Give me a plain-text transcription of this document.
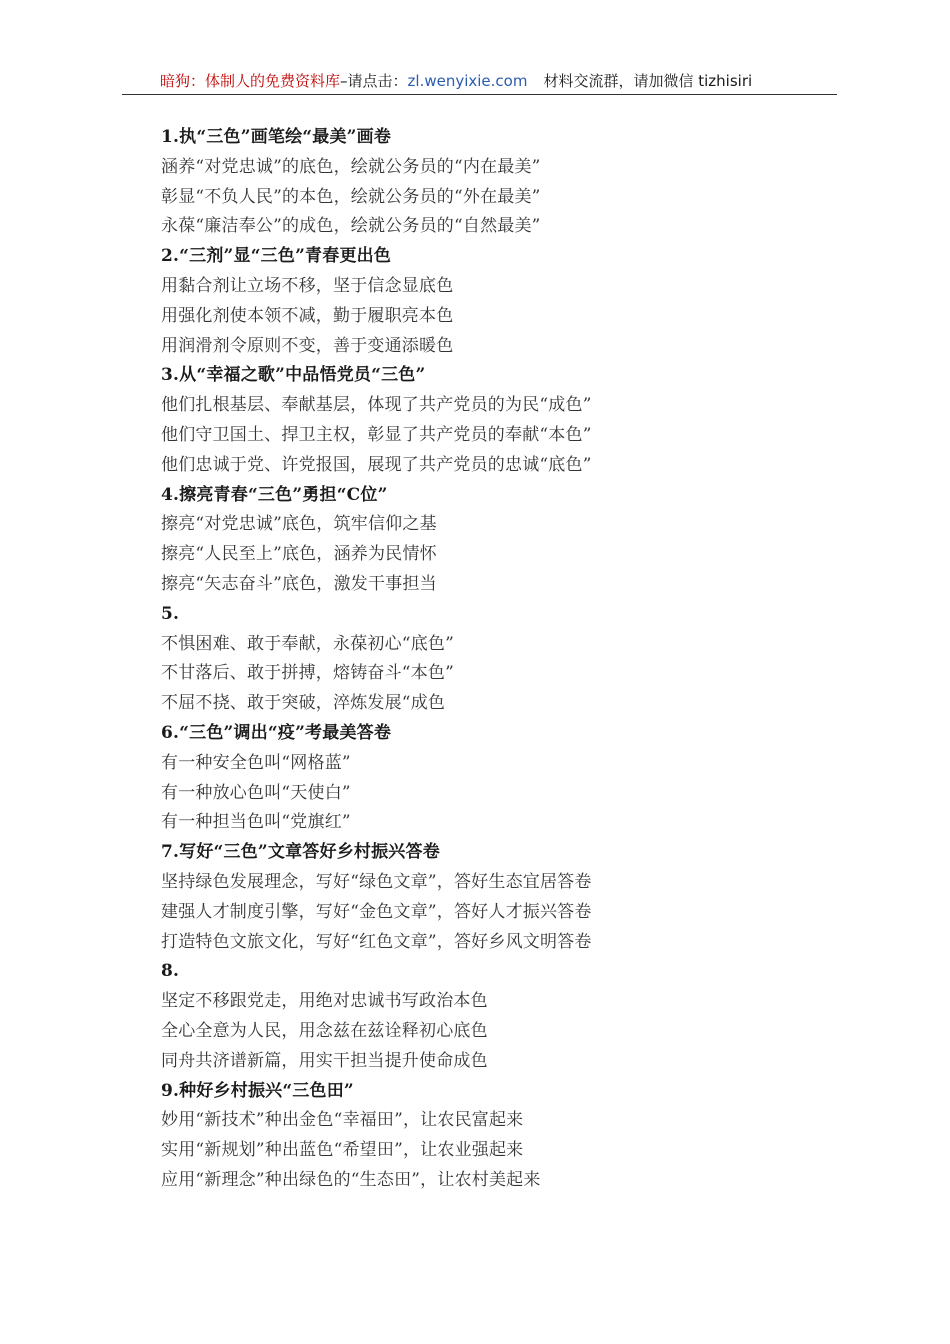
暗狗：体制人的免费资料库–请点击：zl.wenyixie.com 材料交流群，请加微信 tizhisiri
1.执“三色”画笔绘“最美”画卷
涵养“对党忠诚”的底色，绘就公务员的“内在最美”
彰显“不负人民”的本色，绘就公务员的“外在最美”
永葆“廉洁奉公”的成色，绘就公务员的“自然最美”
2.“三剂”显“三色”青春更出色
用黏合剂让立场不移，坚于信念显底色
用强化剂使本领不减，勤于履职亮本色
用润滑剂令原则不变，善于变通添暖色
3.从“幸福之歌”中品悟党员“三色”
他们扎根基层、奉献基层，体现了共产党员的为民“成色”
他们守卫国土、捍卫主权，彰显了共产党员的奉献“本色”
他们忠诚于党、许党报国，展现了共产党员的忠诚“底色”
4.擦亮青春“三色”勇担“C位”
擦亮“对党忠诚”底色，筑牢信仰之基
擦亮“人民至上”底色，涵养为民情怀
擦亮“矢志奋斗”底色，激发干事担当
5.
不惧困难、敢于奉献，永葆初心“底色”
不甘落后、敢于拼搏，熔铸奋斗“本色”
不屈不挠、敢于突破，淬炼发展“成色
6.“三色”调出“疫”考最美答卷
有一种安全色叫“网格蓝”
有一种放心色叫“天使白”
有一种担当色叫“党旗红”
7.写好“三色”文章答好乡村振兴答卷
坚持绿色发展理念，写好“绿色文章”，答好生态宜居答卷
建强人才制度引擎，写好“金色文章”，答好人才振兴答卷
打造特色文旅文化，写好“红色文章”，答好乡风文明答卷
8.
坚定不移跟党走，用绝对忠诚书写政治本色
全心全意为人民，用念兹在兹诠释初心底色
同舟共济谱新篇，用实干担当提升使命成色
9.种好乡村振兴“三色田”
妙用“新技术”种出金色“幸福田”，让农民富起来
实用“新规划”种出蓝色“希望田”，让农业强起来
应用“新理念”种出绿色的“生态田”，让农村美起来
